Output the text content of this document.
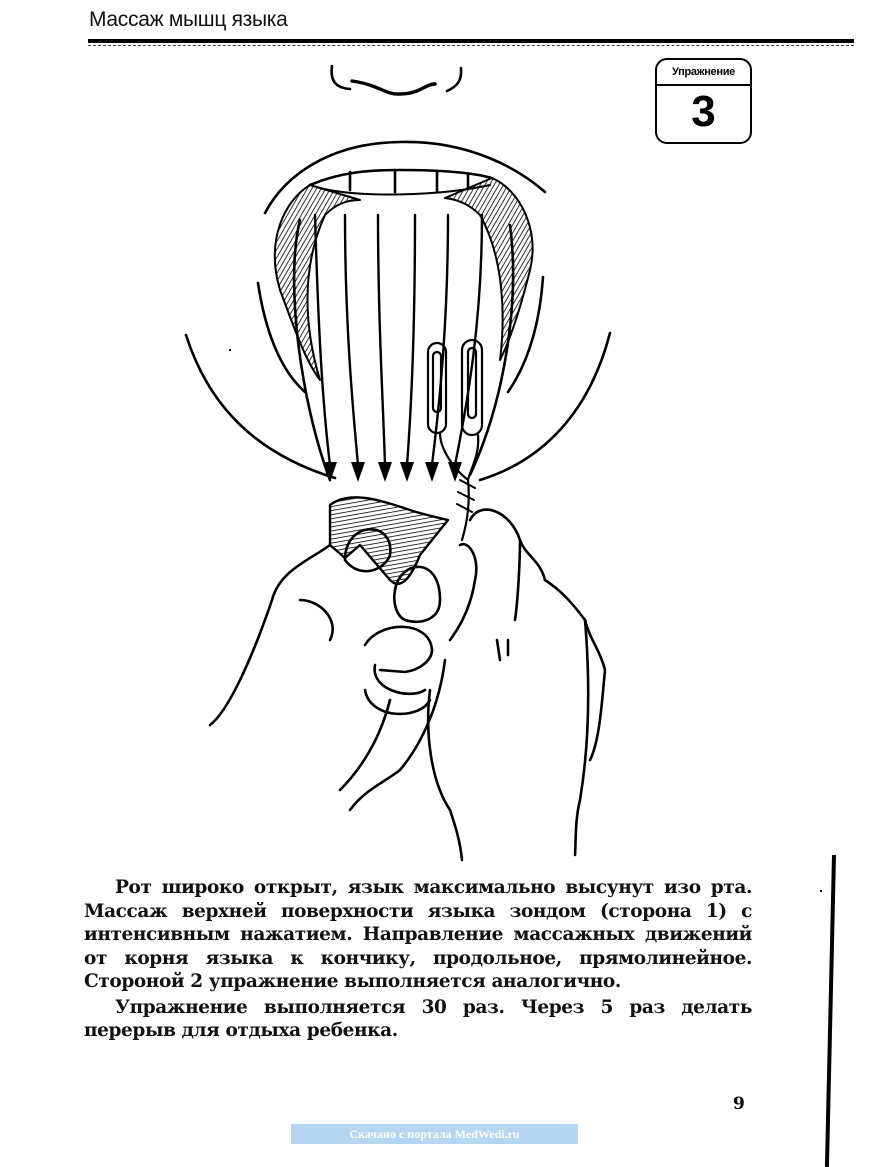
Массаж мышц языка
Упражнение
3

Рот широко открыт, язык максимально высунут изо рта. Массаж верхней поверхности языка зондом (сторона 1) с интенсивным нажатием. Направление массажных движений от корня языка к кончику, продольное, прямолинейное. Стороной 2 упражнение выполняется аналогично.

Упражнение выполняется 30 раз. Через 5 раз делать перерыв для отдыха ребенка.

9
Скачано с портала MedWedi.ru
